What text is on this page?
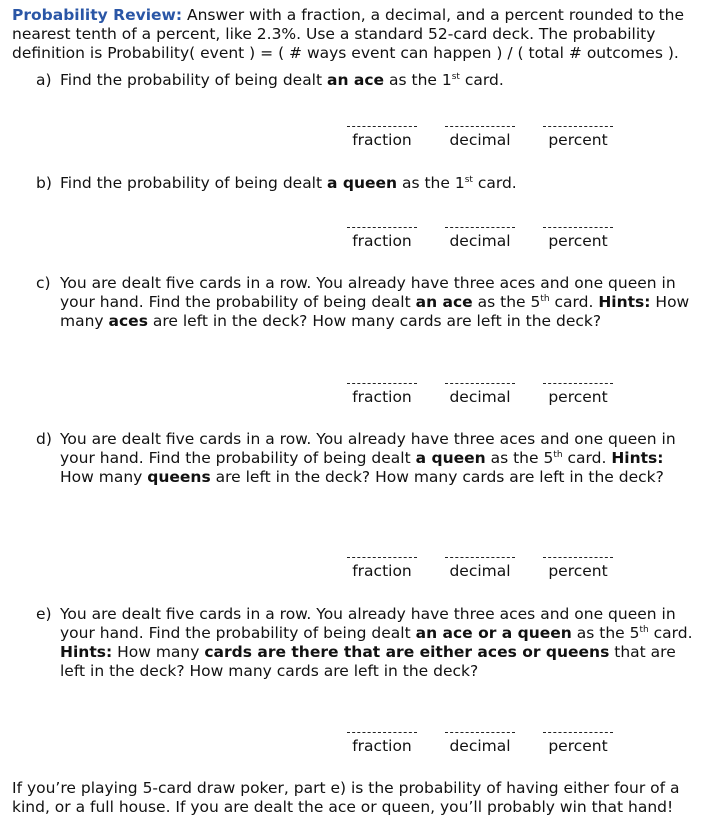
Probability Review: Answer with a fraction, a decimal, and a percent rounded to the nearest tenth of a percent, like 2.3%. Use a standard 52-card deck. The probability definition is Probability( event ) = ( # ways event can happen ) / ( total # outcomes ).
a) Find the probability of being dealt an ace as the 1st card.
fraction	decimal	percent
b) Find the probability of being dealt a queen as the 1st card.
fraction	decimal	percent
c) You are dealt five cards in a row. You already have three aces and one queen in your hand. Find the probability of being dealt an ace as the 5th card. Hints: How many aces are left in the deck? How many cards are left in the deck?
fraction	decimal	percent
d) You are dealt five cards in a row. You already have three aces and one queen in your hand. Find the probability of being dealt a queen as the 5th card. Hints: How many queens are left in the deck? How many cards are left in the deck?
fraction	decimal	percent
e) You are dealt five cards in a row. You already have three aces and one queen in your hand. Find the probability of being dealt an ace or a queen as the 5th card. Hints: How many cards are there that are either aces or queens that are left in the deck? How many cards are left in the deck?
fraction	decimal	percent
If you’re playing 5-card draw poker, part e) is the probability of having either four of a kind, or a full house. If you are dealt the ace or queen, you’ll probably win that hand!
